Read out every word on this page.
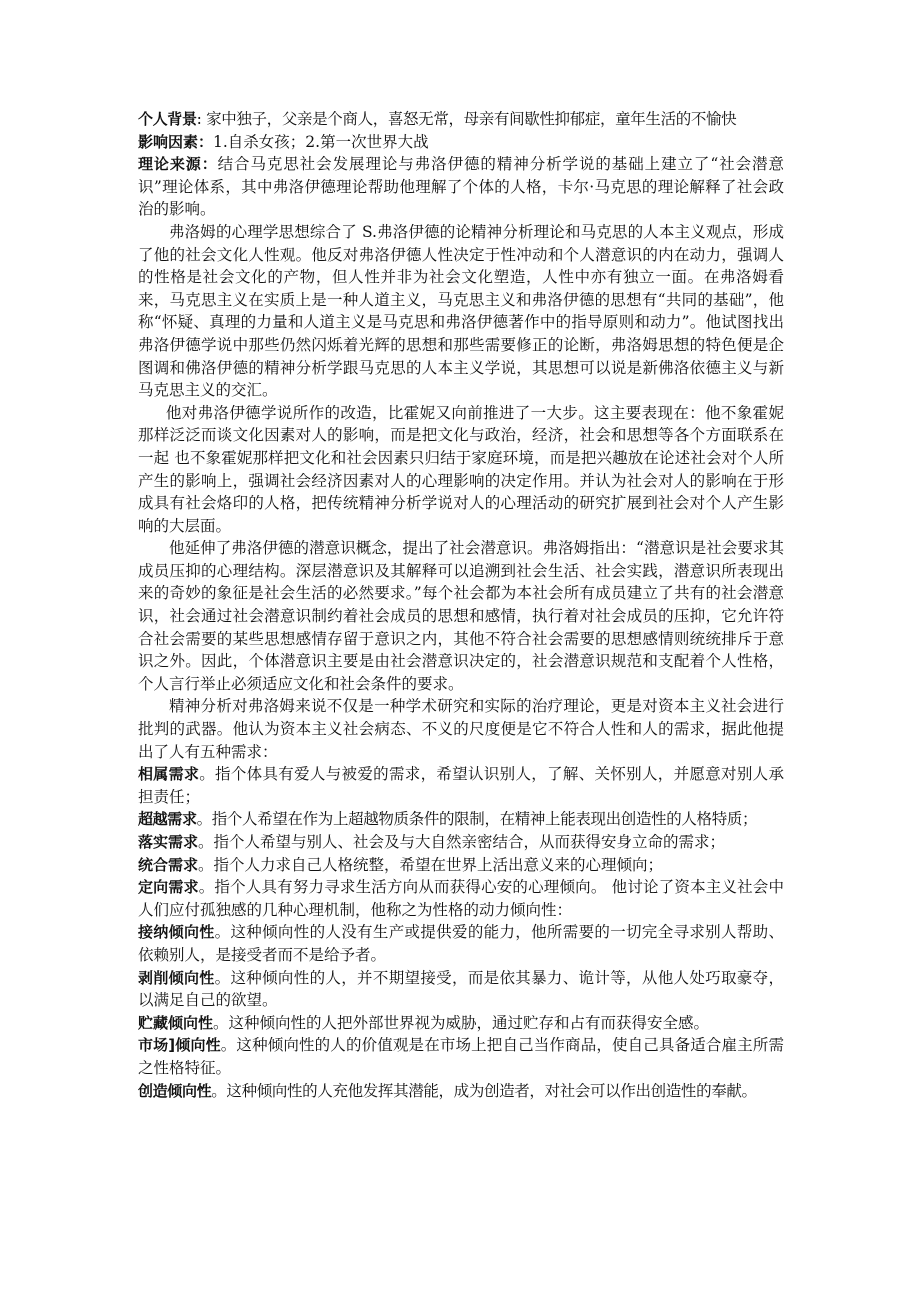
个人背景: 家中独子，父亲是个商人，喜怒无常，母亲有间歇性抑郁症，童年生活的不愉快

影响因素：1.自杀女孩；2.第一次世界大战

理论来源：结合马克思社会发展理论与弗洛伊德的精神分析学说的基础上建立了“社会潜意识”理论体系，其中弗洛伊德理论帮助他理解了个体的人格，卡尔·马克思的理论解释了社会政治的影响。

弗洛姆的心理学思想综合了 S.弗洛伊德的论精神分析理论和马克思的人本主义观点，形成了他的社会文化人性观。他反对弗洛伊德人性决定于性冲动和个人潜意识的内在动力，强调人的性格是社会文化的产物，但人性并非为社会文化塑造，人性中亦有独立一面。在弗洛姆看来，马克思主义在实质上是一种人道主义，马克思主义和弗洛伊德的思想有“共同的基础”，他称“怀疑、真理的力量和人道主义是马克思和弗洛伊德著作中的指导原则和动力”。他试图找出弗洛伊德学说中那些仍然闪烁着光辉的思想和那些需要修正的论断，弗洛姆思想的特色便是企图调和佛洛伊德的精神分析学跟马克思的人本主义学说，其思想可以说是新佛洛依德主义与新马克思主义的交汇。

他对弗洛伊德学说所作的改造，比霍妮又向前推进了一大步。这主要表现在：他不象霍妮那样泛泛而谈文化因素对人的影响，而是把文化与政治，经济，社会和思想等各个方面联系在一起 也不象霍妮那样把文化和社会因素只归结于家庭环境，而是把兴趣放在论述社会对个人所产生的影响上，强调社会经济因素对人的心理影响的决定作用。并认为社会对人的影响在于形成具有社会烙印的人格，把传统精神分析学说对人的心理活动的研究扩展到社会对个人产生影响的大层面。

他延伸了弗洛伊德的潜意识概念，提出了社会潜意识。弗洛姆指出：“潜意识是社会要求其成员压抑的心理结构。深层潜意识及其解释可以追溯到社会生活、社会实践，潜意识所表现出来的奇妙的象征是社会生活的必然要求。”每个社会都为本社会所有成员建立了共有的社会潜意识，社会通过社会潜意识制约着社会成员的思想和感情，执行着对社会成员的压抑，它允许符合社会需要的某些思想感情存留于意识之内，其他不符合社会需要的思想感情则统统排斥于意识之外。因此，个体潜意识主要是由社会潜意识决定的，社会潜意识规范和支配着个人性格，个人言行举止必须适应文化和社会条件的要求。

精神分析对弗洛姆来说不仅是一种学术研究和实际的治疗理论，更是对资本主义社会进行批判的武器。他认为资本主义社会病态、不义的尺度便是它不符合人性和人的需求，据此他提出了人有五种需求：

相属需求。指个体具有爱人与被爱的需求，希望认识别人，了解、关怀别人，并愿意对别人承担责任；

超越需求。指个人希望在作为上超越物质条件的限制，在精神上能表现出创造性的人格特质；

落实需求。指个人希望与别人、社会及与大自然亲密结合，从而获得安身立命的需求；

统合需求。指个人力求自己人格统整，希望在世界上活出意义来的心理倾向；

定向需求。指个人具有努力寻求生活方向从而获得心安的心理倾向。 他讨论了资本主义社会中人们应付孤独感的几种心理机制，他称之为性格的动力倾向性：

接纳倾向性。这种倾向性的人没有生产或提供爱的能力，他所需要的一切完全寻求别人帮助、依赖别人，是接受者而不是给予者。

剥削倾向性。这种倾向性的人，并不期望接受，而是依其暴力、诡计等，从他人处巧取豪夺，以满足自己的欲望。

贮藏倾向性。这种倾向性的人把外部世界视为威胁，通过贮存和占有而获得安全感。

市场]倾向性。这种倾向性的人的价值观是在市场上把自己当作商品，使自己具备适合雇主所需之性格特征。

创造倾向性。这种倾向性的人充他发挥其潜能，成为创造者，对社会可以作出创造性的奉献。
